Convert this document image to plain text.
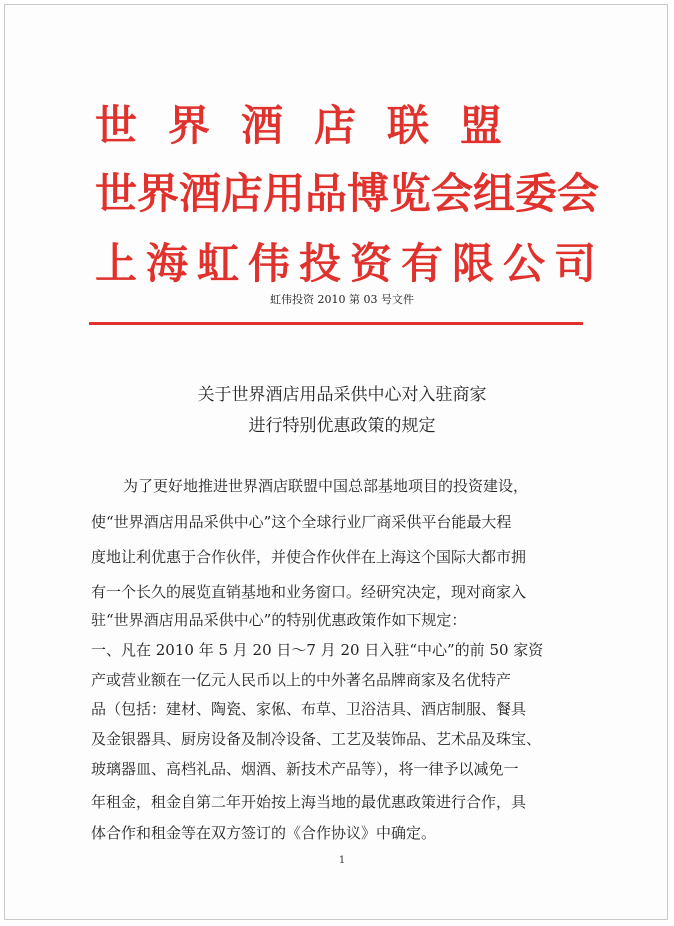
世界酒店联盟
世界酒店用品博览会组委会
上海虹伟投资有限公司
虹伟投资 2010 第 03 号文件
关于世界酒店用品采供中心对入驻商家
进行特别优惠政策的规定
为了更好地推进世界酒店联盟中国总部基地项目的投资建设，
使“世界酒店用品采供中心”这个全球行业厂商采供平台能最大程
度地让利优惠于合作伙伴，并使合作伙伴在上海这个国际大都市拥
有一个长久的展览直销基地和业务窗口。经研究决定，现对商家入
驻“世界酒店用品采供中心”的特别优惠政策作如下规定：
一、凡在 2010 年 5 月 20 日～7 月 20 日入驻“中心”的前 50 家资
产或营业额在一亿元人民币以上的中外著名品牌商家及名优特产
品（包括：建材、陶瓷、家俬、布草、卫浴洁具、酒店制服、餐具
及金银器具、厨房设备及制冷设备、工艺及装饰品、艺术品及珠宝、
玻璃器皿、高档礼品、烟酒、新技术产品等），将一律予以减免一
年租金，租金自第二年开始按上海当地的最优惠政策进行合作，具
体合作和租金等在双方签订的《合作协议》中确定。
1
